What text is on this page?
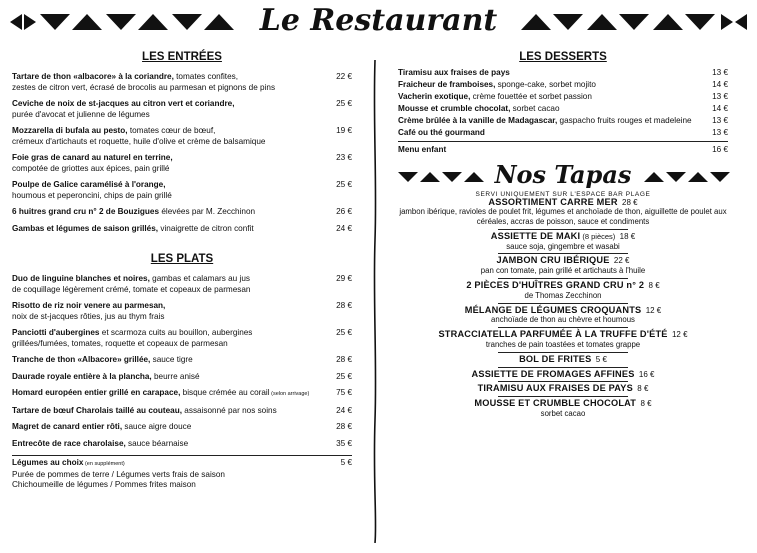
Le Restaurant
LES ENTRÉES
Tartare de thon «albacore» à la coriandre, tomates confites,
zestes de citron vert, écrasé de brocolis au parmesan et pignons de pins
22 €
Ceviche de noix de st-jacques au citron vert et coriandre,
purée d'avocat et julienne de légumes
25 €
Mozzarella di bufala au pesto, tomates cœur de bœuf,
crémeux d'artichauts et roquette, huile d'olive et crème de balsamique
19 €
Foie gras de canard au naturel en terrine,
compotée de griottes aux épices, pain grillé
23 €
Poulpe de Galice caramélisé à l'orange,
houmous et peperoncini, chips de pain grillé
25 €
6 huitres grand cru n° 2 de Bouzigues élevées par M. Zecchinon	26 €
Gambas et légumes de saison grillés, vinaigrette de citron confit	24 €
LES PLATS
Duo de linguine blanches et noires, gambas et calamars au jus
de coquillage légèrement crémé, tomate et copeaux de parmesan
29 €
Risotto de riz noir venere au parmesan,
noix de st-jacques rôties, jus au thym frais
28 €
Panciotti d'aubergines et scarmoza cuits au bouillon, aubergines
grillées/fumées, tomates, roquette et copeaux de parmesan
25 €
Tranche de thon «Albacore» grillée, sauce tigre	28 €
Daurade royale entière à la plancha, beurre anisé	25 €
Homard européen entier grillé en carapace, bisque crémée au corail (selon arrivage)	75 €
Tartare de bœuf Charolais taillé au couteau, assaisonné par nos soins	24 €
Magret de canard entier rôti, sauce aigre douce	28 €
Entrecôte de race charolaise, sauce béarnaise	35 €
Légumes au choix (en supplément)
Purée de pommes de terre / Légumes verts frais de saison
Chichoumeille de légumes / Pommes frites maison
5 €
LES DESSERTS
Tiramisu aux fraises de pays	13 €
Fraicheur de framboises, sponge-cake, sorbet mojito	14 €
Vacherin exotique, crème fouettée et sorbet passion	13 €
Mousse et crumble chocolat, sorbet cacao	14 €
Crème brûlée à la vanille de Madagascar, gaspacho fruits rouges et madeleine	13 €
Café ou thé gourmand	13 €
Menu enfant	16 €
Nos Tapas
SERVI UNIQUEMENT SUR L'ESPACE BAR PLAGE
ASSORTIMENT CARRE MER 28 €
jambon ibérique, ravioles de poulet frit, légumes et anchoïade de thon, aiguillette de poulet aux céréales, accras de poisson, sauce et condiments
ASSIETTE DE MAKI (8 pièces) 18 €
sauce soja, gingembre et wasabi
JAMBON CRU IBÉRIQUE 22 €
pan con tomate, pain grillé et artichauts à l'huile
2 PIÈCES D'HUÎTRES GRAND CRU n° 2 8 €
de Thomas Zecchinon
MÉLANGE DE LÉGUMES CROQUANTS 12 €
anchoïade de thon au chèvre et houmous
STRACCIATELLA PARFUMÉE À LA TRUFFE D'ÉTÉ 12 €
tranches de pain toastées et tomates grappe
BOL DE FRITES 5 €
ASSIETTE DE FROMAGES AFFINES 16 €
TIRAMISU AUX FRAISES DE PAYS 8 €
MOUSSE ET CRUMBLE CHOCOLAT 8 €
sorbet cacao
